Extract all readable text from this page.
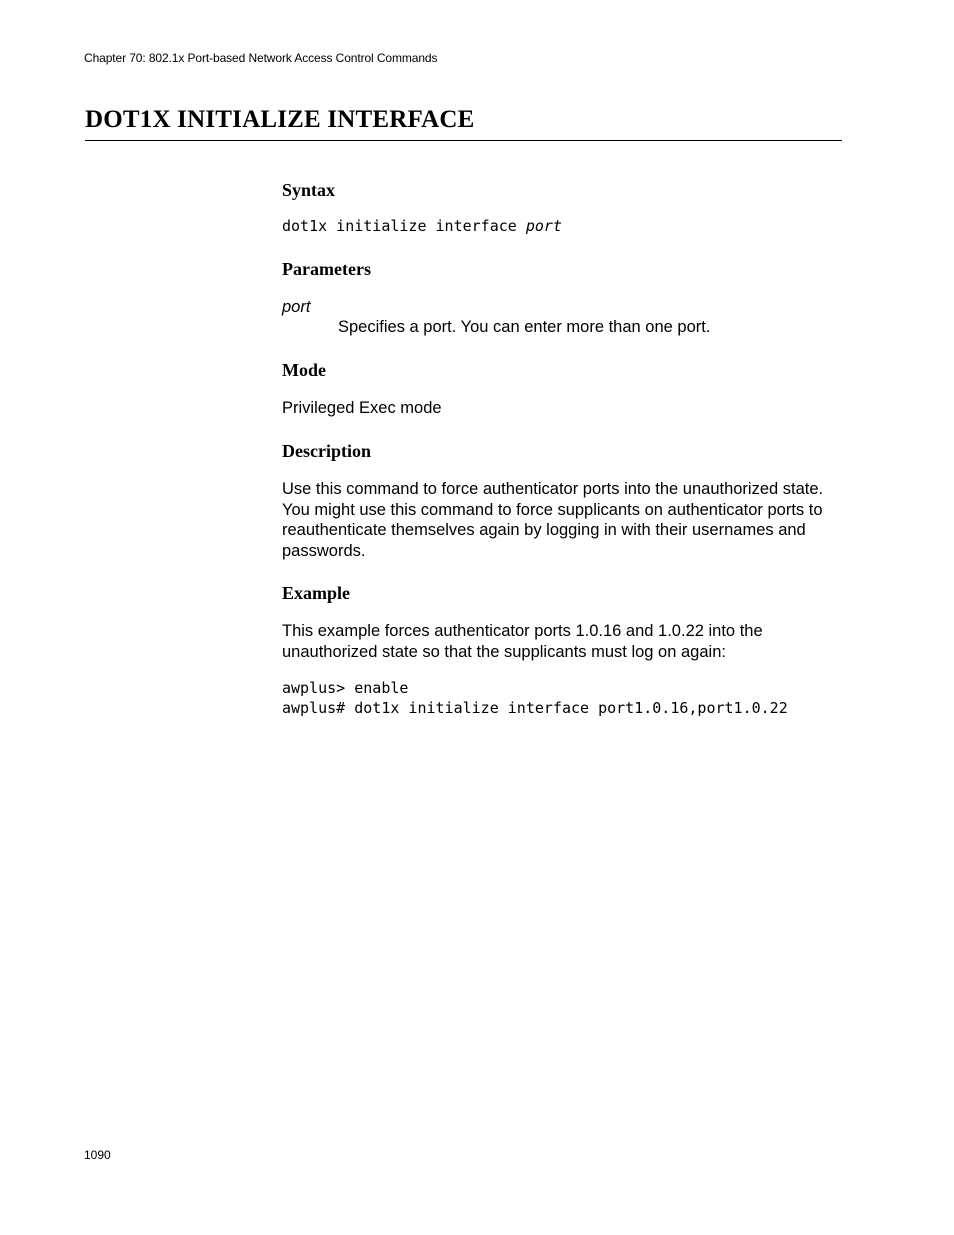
Chapter 70: 802.1x Port-based Network Access Control Commands
DOT1X INITIALIZE INTERFACE
Syntax
dot1x initialize interface port
Parameters
port
Specifies a port. You can enter more than one port.
Mode
Privileged Exec mode
Description
Use this command to force authenticator ports into the unauthorized state. You might use this command to force supplicants on authenticator ports to reauthenticate themselves again by logging in with their usernames and passwords.
Example
This example forces authenticator ports 1.0.16 and 1.0.22 into the unauthorized state so that the supplicants must log on again:
awplus> enable
awplus# dot1x initialize interface port1.0.16,port1.0.22
1090
